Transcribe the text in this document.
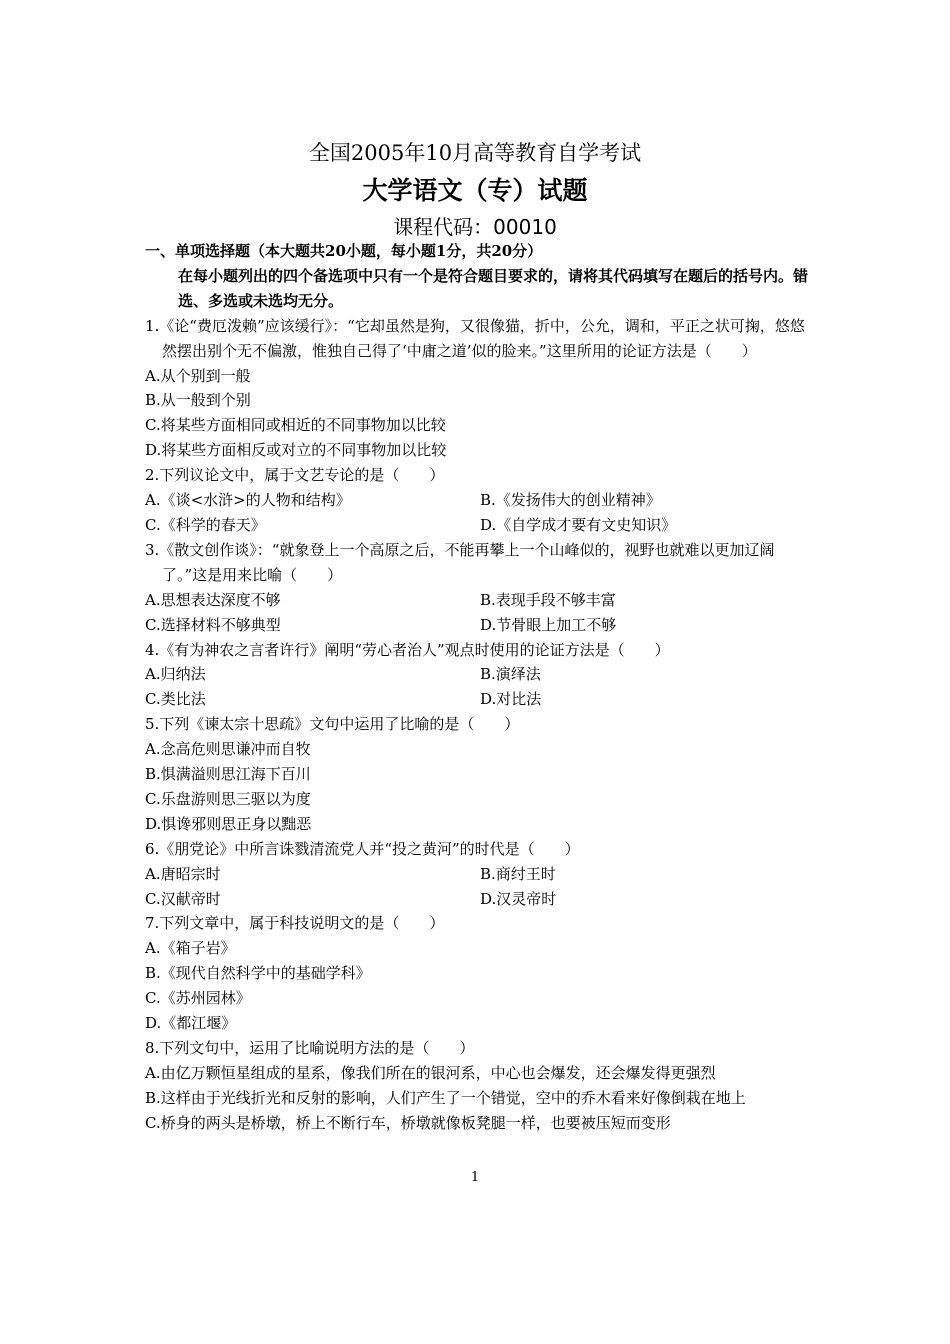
全国2005年10月高等教育自学考试
大学语文（专）试题
课程代码：00010
一、单项选择题（本大题共20小题，每小题1分，共20分）
在每小题列出的四个备选项中只有一个是符合题目要求的，请将其代码填写在题后的括号内。错选、多选或未选均无分。
1.《论“费厄泼赖”应该缓行》：“它却虽然是狗，又很像猫，折中，公允，调和，平正之状可掬，悠悠然摆出别个无不偏激，惟独自己得了‘中庸之道’似的脸来。”这里所用的论证方法是（　　）
A.从个别到一般
B.从一般到个别
C.将某些方面相同或相近的不同事物加以比较
D.将某些方面相反或对立的不同事物加以比较
2.下列议论文中，属于文艺专论的是（　　）
A.《谈<水浒>的人物和结构》	B.《发扬伟大的创业精神》
C.《科学的春天》	D.《自学成才要有文史知识》
3.《散文创作谈》：“就象登上一个高原之后，不能再攀上一个山峰似的，视野也就难以更加辽阔了。”这是用来比喻（　　）
A.思想表达深度不够	B.表现手段不够丰富
C.选择材料不够典型	D.节骨眼上加工不够
4.《有为神农之言者许行》阐明“劳心者治人”观点时使用的论证方法是（　　）
A.归纳法	B.演绎法
C.类比法	D.对比法
5.下列《谏太宗十思疏》文句中运用了比喻的是（　　）
A.念高危则思谦冲而自牧
B.惧满溢则思江海下百川
C.乐盘游则思三驱以为度
D.惧谗邪则思正身以黜恶
6.《朋党论》中所言诛戮清流党人并“投之黄河”的时代是（　　）
A.唐昭宗时	B.商纣王时
C.汉献帝时	D.汉灵帝时
7.下列文章中，属于科技说明文的是（　　）
A.《箱子岩》
B.《现代自然科学中的基础学科》
C.《苏州园林》
D.《都江堰》
8.下列文句中，运用了比喻说明方法的是（　　）
A.由亿万颗恒星组成的星系，像我们所在的银河系，中心也会爆发，还会爆发得更强烈
B.这样由于光线折光和反射的影响，人们产生了一个错觉，空中的乔木看来好像倒栽在地上
C.桥身的两头是桥墩，桥上不断行车，桥墩就像板凳腿一样，也要被压短而变形
1
